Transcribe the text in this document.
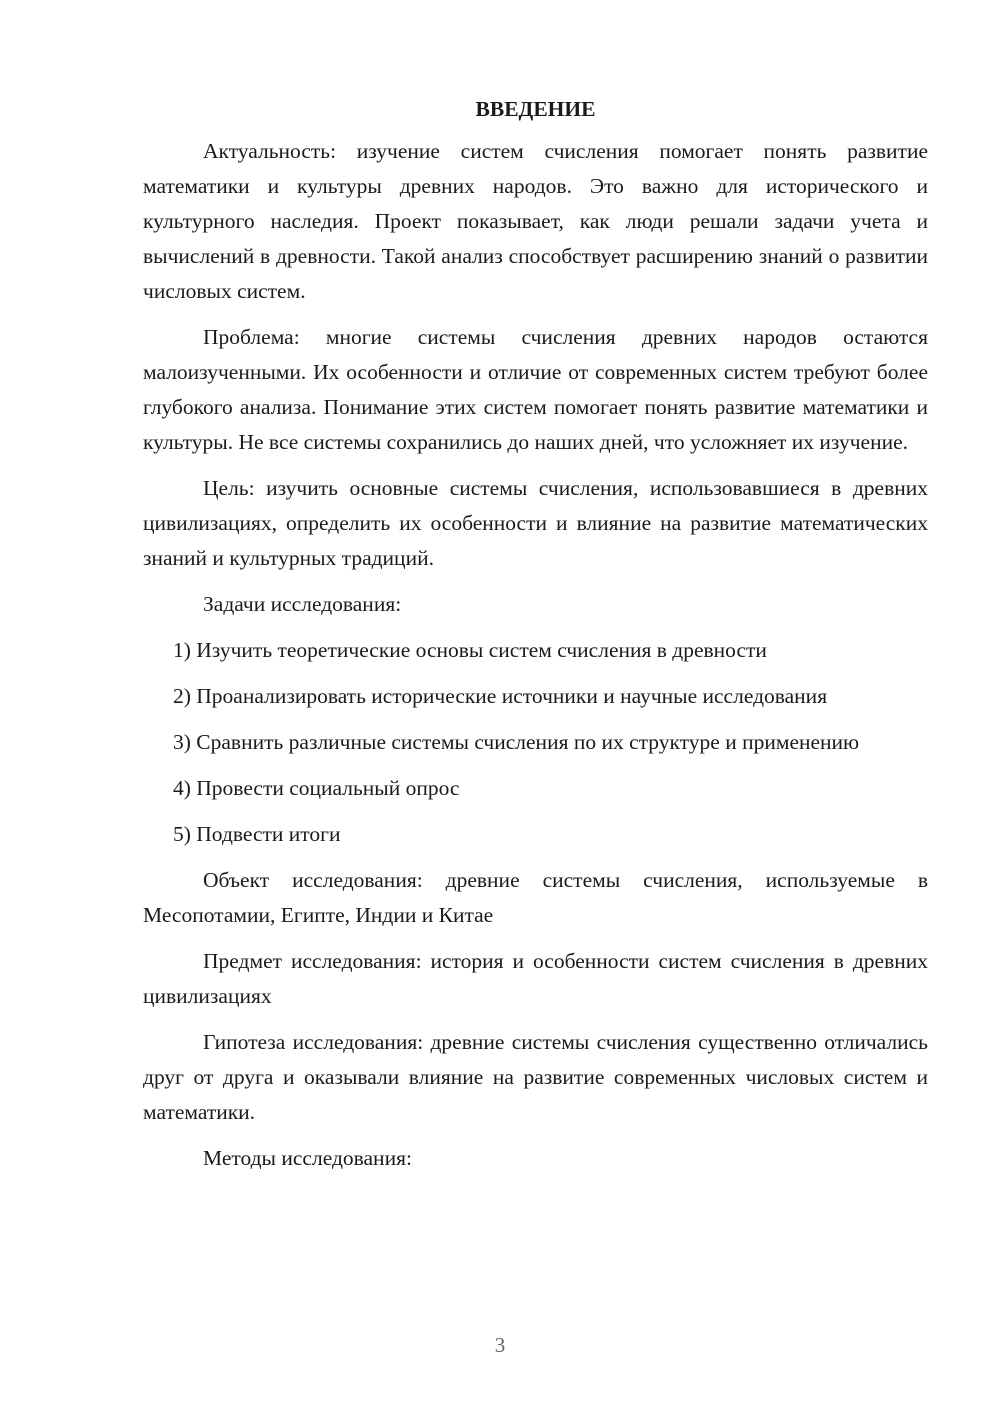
ВВЕДЕНИЕ

Актуальность: изучение систем счисления помогает понять развитие математики и культуры древних народов. Это важно для исторического и культурного наследия. Проект показывает, как люди решали задачи учета и вычислений в древности. Такой анализ способствует расширению знаний о развитии числовых систем.

Проблема: многие системы счисления древних народов остаются малоизученными. Их особенности и отличие от современных систем требуют более глубокого анализа. Понимание этих систем помогает понять развитие математики и культуры. Не все системы сохранились до наших дней, что усложняет их изучение.

Цель: изучить основные системы счисления, использовавшиеся в древних цивилизациях, определить их особенности и влияние на развитие математических знаний и культурных традиций.

Задачи исследования:

1) Изучить теоретические основы систем счисления в древности

2) Проанализировать исторические источники и научные исследования

3) Сравнить различные системы счисления по их структуре и применению

4) Провести социальный опрос

5) Подвести итоги

Объект исследования: древние системы счисления, используемые в Месопотамии, Египте, Индии и Китае

Предмет исследования: история и особенности систем счисления в древних цивилизациях

Гипотеза исследования: древние системы счисления существенно отличались друг от друга и оказывали влияние на развитие современных числовых систем и математики.

Методы исследования:

3
